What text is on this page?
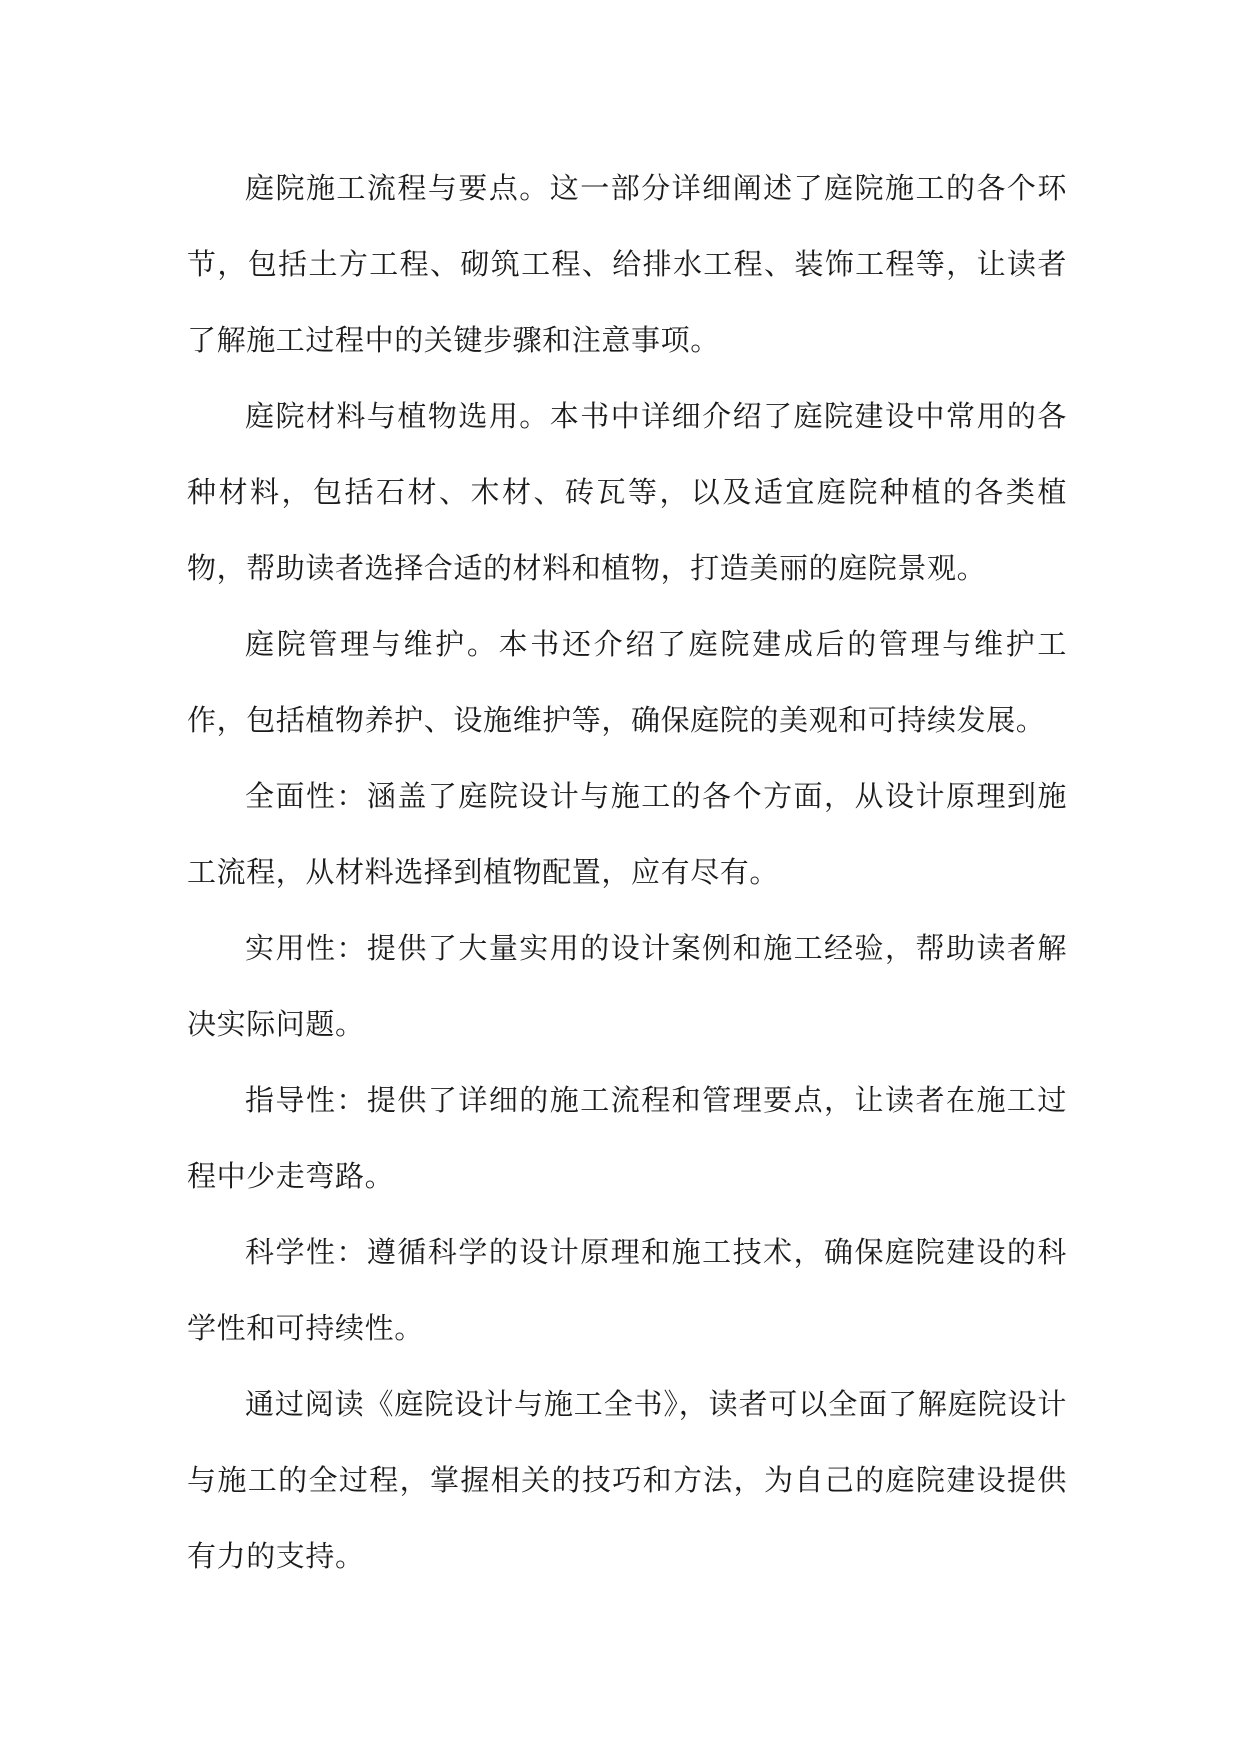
庭院施工流程与要点。这一部分详细阐述了庭院施工的各个环节，包括土方工程、砌筑工程、给排水工程、装饰工程等，让读者了解施工过程中的关键步骤和注意事项。

庭院材料与植物选用。本书中详细介绍了庭院建设中常用的各种材料，包括石材、木材、砖瓦等，以及适宜庭院种植的各类植物，帮助读者选择合适的材料和植物，打造美丽的庭院景观。

庭院管理与维护。本书还介绍了庭院建成后的管理与维护工作，包括植物养护、设施维护等，确保庭院的美观和可持续发展。

全面性：涵盖了庭院设计与施工的各个方面，从设计原理到施工流程，从材料选择到植物配置，应有尽有。

实用性：提供了大量实用的设计案例和施工经验，帮助读者解决实际问题。

指导性：提供了详细的施工流程和管理要点，让读者在施工过程中少走弯路。

科学性：遵循科学的设计原理和施工技术，确保庭院建设的科学性和可持续性。

通过阅读《庭院设计与施工全书》，读者可以全面了解庭院设计与施工的全过程，掌握相关的技巧和方法，为自己的庭院建设提供有力的支持。
